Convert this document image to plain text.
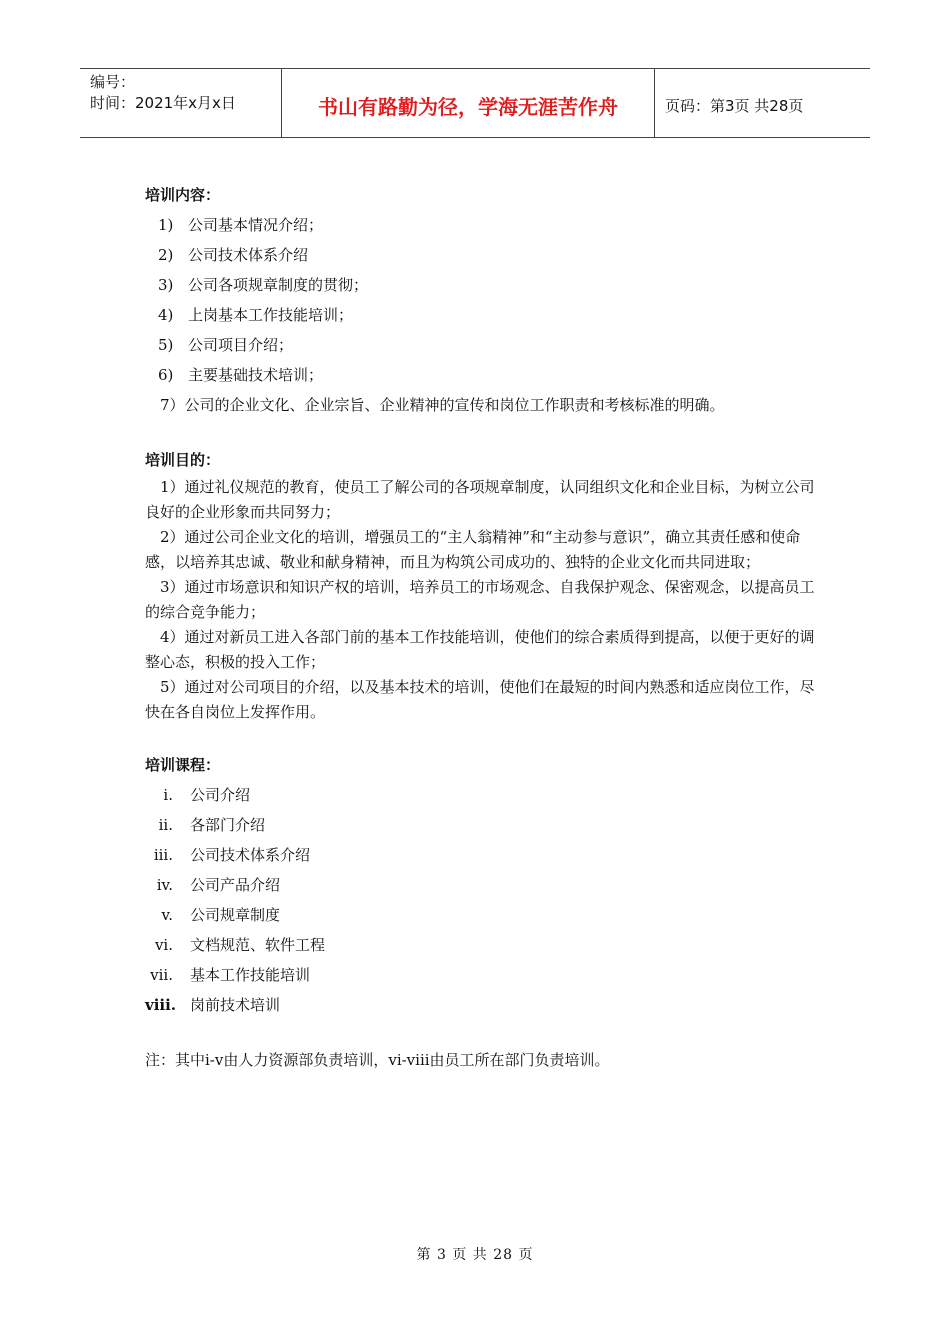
编号：
时间：2021年x月x日	书山有路勤为径，学海无涯苦作舟	页码：第3页 共28页
培训内容：
1) 公司基本情况介绍；
2) 公司技术体系介绍
3) 公司各项规章制度的贯彻；
4) 上岗基本工作技能培训；
5) 公司项目介绍；
6) 主要基础技术培训；
7）公司的企业文化、企业宗旨、企业精神的宣传和岗位工作职责和考核标准的明确。
培训目的：

1）通过礼仪规范的教育，使员工了解公司的各项规章制度，认同组织文化和企业目标，为树立公司良好的企业形象而共同努力；

2）通过公司企业文化的培训，增强员工的“主人翁精神”和“主动参与意识”，确立其责任感和使命感，以培养其忠诚、敬业和献身精神，而且为构筑公司成功的、独特的企业文化而共同进取；

3）通过市场意识和知识产权的培训，培养员工的市场观念、自我保护观念、保密观念，以提高员工的综合竞争能力；

4）通过对新员工进入各部门前的基本工作技能培训，使他们的综合素质得到提高，以便于更好的调整心态，积极的投入工作；

5）通过对公司项目的介绍，以及基本技术的培训，使他们在最短的时间内熟悉和适应岗位工作，尽快在各自岗位上发挥作用。

培训课程：
i. 公司介绍
ii. 各部门介绍
iii. 公司技术体系介绍
iv. 公司产品介绍
v. 公司规章制度
vi. 文档规范、软件工程
vii. 基本工作技能培训
viii. 岗前技术培训
注：其中i-v由人力资源部负责培训，vi-viii由员工所在部门负责培训。
第 3 页 共 28 页
